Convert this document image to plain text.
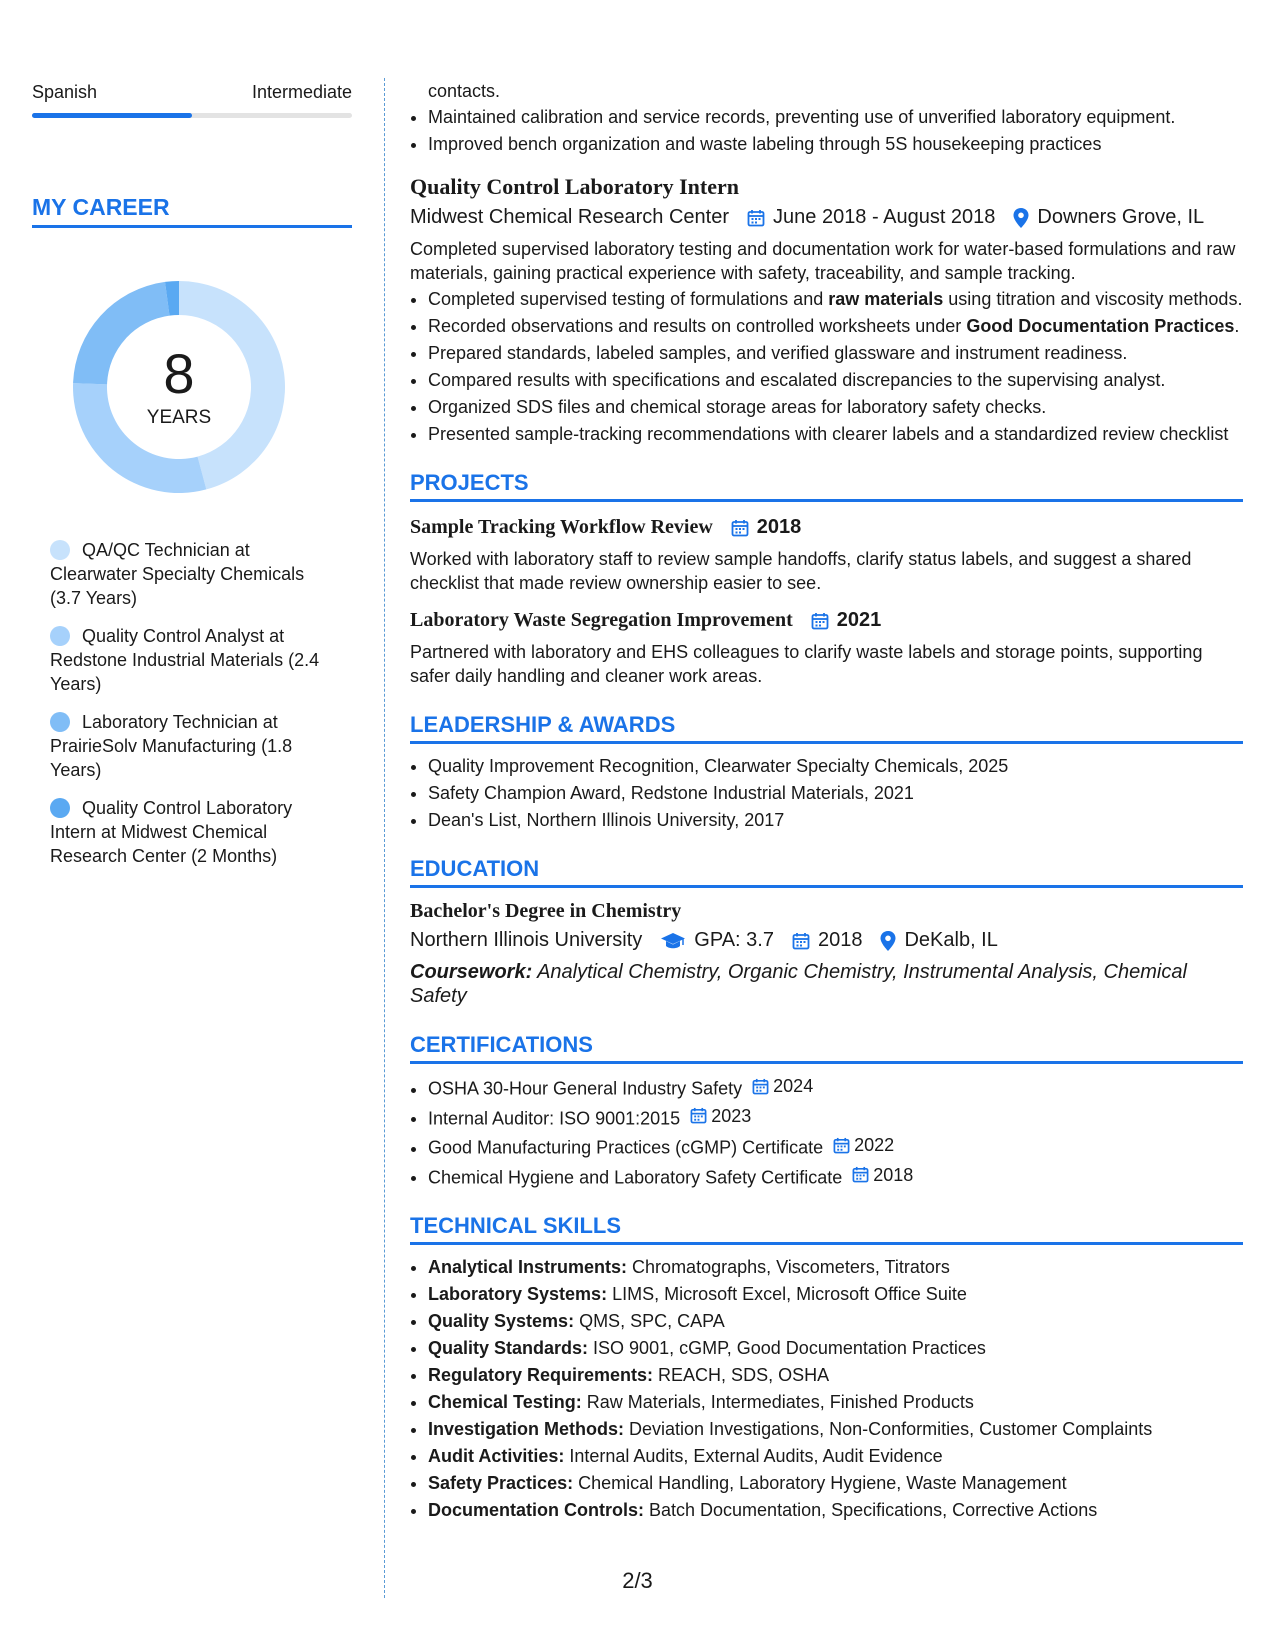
Spanish	Intermediate
MY CAREER
8
YEARS
QA/QC Technician at Clearwater Specialty Chemicals (3.7 Years)
Quality Control Analyst at Redstone Industrial Materials (2.4 Years)
Laboratory Technician at PrairieSolv Manufacturing (1.8 Years)
Quality Control Laboratory Intern at Midwest Chemical Research Center (2 Months)
contacts.
• Maintained calibration and service records, preventing use of unverified laboratory equipment.
• Improved bench organization and waste labeling through 5S housekeeping practices
Quality Control Laboratory Intern
Midwest Chemical Research Center June 2018 - August 2018 Downers Grove, IL
Completed supervised laboratory testing and documentation work for water-based formulations and raw materials, gaining practical experience with safety, traceability, and sample tracking.
• Completed supervised testing of formulations and raw materials using titration and viscosity methods.
• Recorded observations and results on controlled worksheets under Good Documentation Practices.
• Prepared standards, labeled samples, and verified glassware and instrument readiness.
• Compared results with specifications and escalated discrepancies to the supervising analyst.
• Organized SDS files and chemical storage areas for laboratory safety checks.
• Presented sample-tracking recommendations with clearer labels and a standardized review checklist
PROJECTS
Sample Tracking Workflow Review 2018
Worked with laboratory staff to review sample handoffs, clarify status labels, and suggest a shared checklist that made review ownership easier to see.
Laboratory Waste Segregation Improvement 2021
Partnered with laboratory and EHS colleagues to clarify waste labels and storage points, supporting safer daily handling and cleaner work areas.
LEADERSHIP & AWARDS
• Quality Improvement Recognition, Clearwater Specialty Chemicals, 2025
• Safety Champion Award, Redstone Industrial Materials, 2021
• Dean's List, Northern Illinois University, 2017
EDUCATION
Bachelor's Degree in Chemistry
Northern Illinois University	GPA: 3.7 2018 DeKalb, IL
Coursework: Analytical Chemistry, Organic Chemistry, Instrumental Analysis, Chemical Safety
CERTIFICATIONS
• OSHA 30-Hour General Industry Safety 2024
• Internal Auditor: ISO 9001:2015 2023
• Good Manufacturing Practices (cGMP) Certificate 2022
• Chemical Hygiene and Laboratory Safety Certificate 2018
TECHNICAL SKILLS
• Analytical Instruments: Chromatographs, Viscometers, Titrators
• Laboratory Systems: LIMS, Microsoft Excel, Microsoft Office Suite
• Quality Systems: QMS, SPC, CAPA
• Quality Standards: ISO 9001, cGMP, Good Documentation Practices
• Regulatory Requirements: REACH, SDS, OSHA
• Chemical Testing: Raw Materials, Intermediates, Finished Products
• Investigation Methods: Deviation Investigations, Non-Conformities, Customer Complaints
• Audit Activities: Internal Audits, External Audits, Audit Evidence
• Safety Practices: Chemical Handling, Laboratory Hygiene, Waste Management
• Documentation Controls: Batch Documentation, Specifications, Corrective Actions
2/3
